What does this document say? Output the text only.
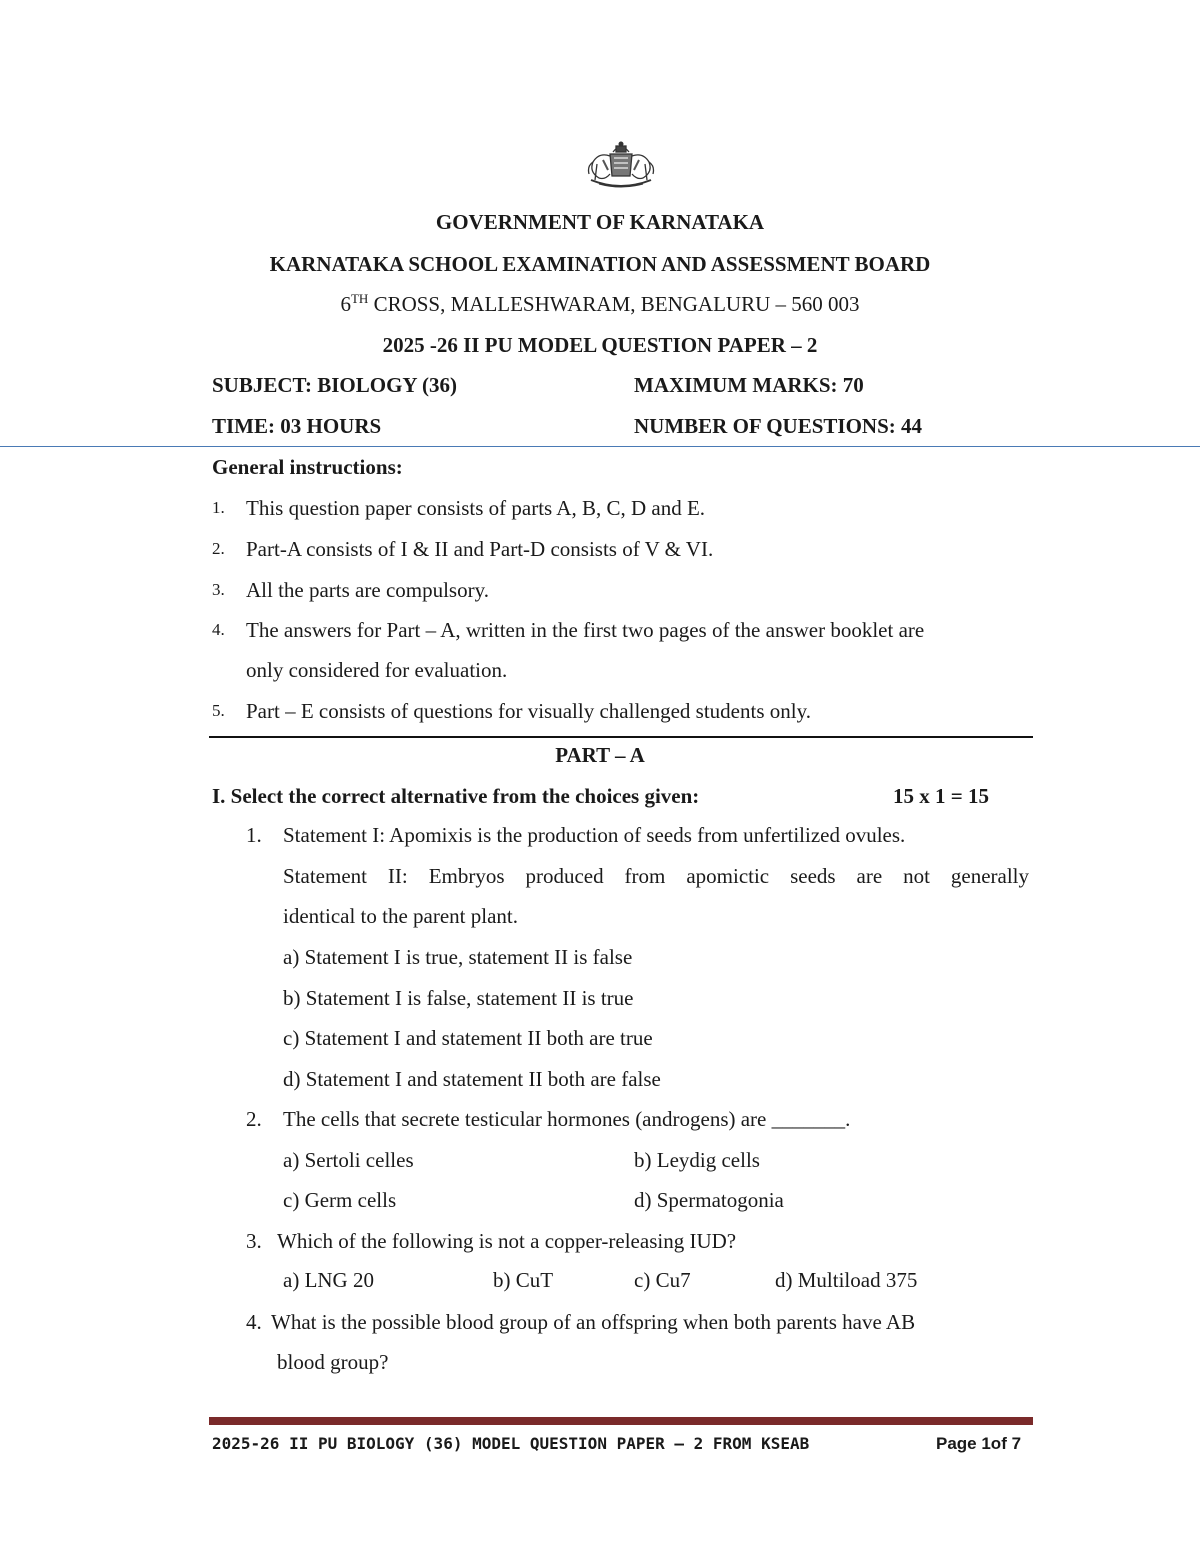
GOVERNMENT OF KARNATAKA
KARNATAKA SCHOOL EXAMINATION AND ASSESSMENT BOARD
6TH CROSS, MALLESHWARAM, BENGALURU – 560 003
2025 -26 II PU MODEL QUESTION PAPER – 2
SUBJECT: BIOLOGY (36)	MAXIMUM MARKS: 70
TIME: 03 HOURS	NUMBER OF QUESTIONS: 44
General instructions:
1. This question paper consists of parts A, B, C, D and E.
2. Part-A consists of I & II and Part-D consists of V & VI.
3. All the parts are compulsory.
4. The answers for Part – A, written in the first two pages of the answer booklet are
only considered for evaluation.
5. Part – E consists of questions for visually challenged students only.
PART – A
I. Select the correct alternative from the choices given:	15 x 1 = 15
1. Statement I: Apomixis is the production of seeds from unfertilized ovules.
Statement II: Embryos produced from apomictic seeds are not generally
identical to the parent plant.
a) Statement I is true, statement II is false
b) Statement I is false, statement II is true
c) Statement I and statement II both are true
d) Statement I and statement II both are false
2. The cells that secrete testicular hormones (androgens) are _______.
a) Sertoli celles	b) Leydig cells
c) Germ cells	d) Spermatogonia
3. Which of the following is not a copper-releasing IUD?
a) LNG 20	b) CuT	c) Cu7	d) Multiload 375
4. What is the possible blood group of an offspring when both parents have AB
blood group?
2025-26 II PU BIOLOGY (36) MODEL QUESTION PAPER – 2 FROM KSEAB	Page 1of 7
